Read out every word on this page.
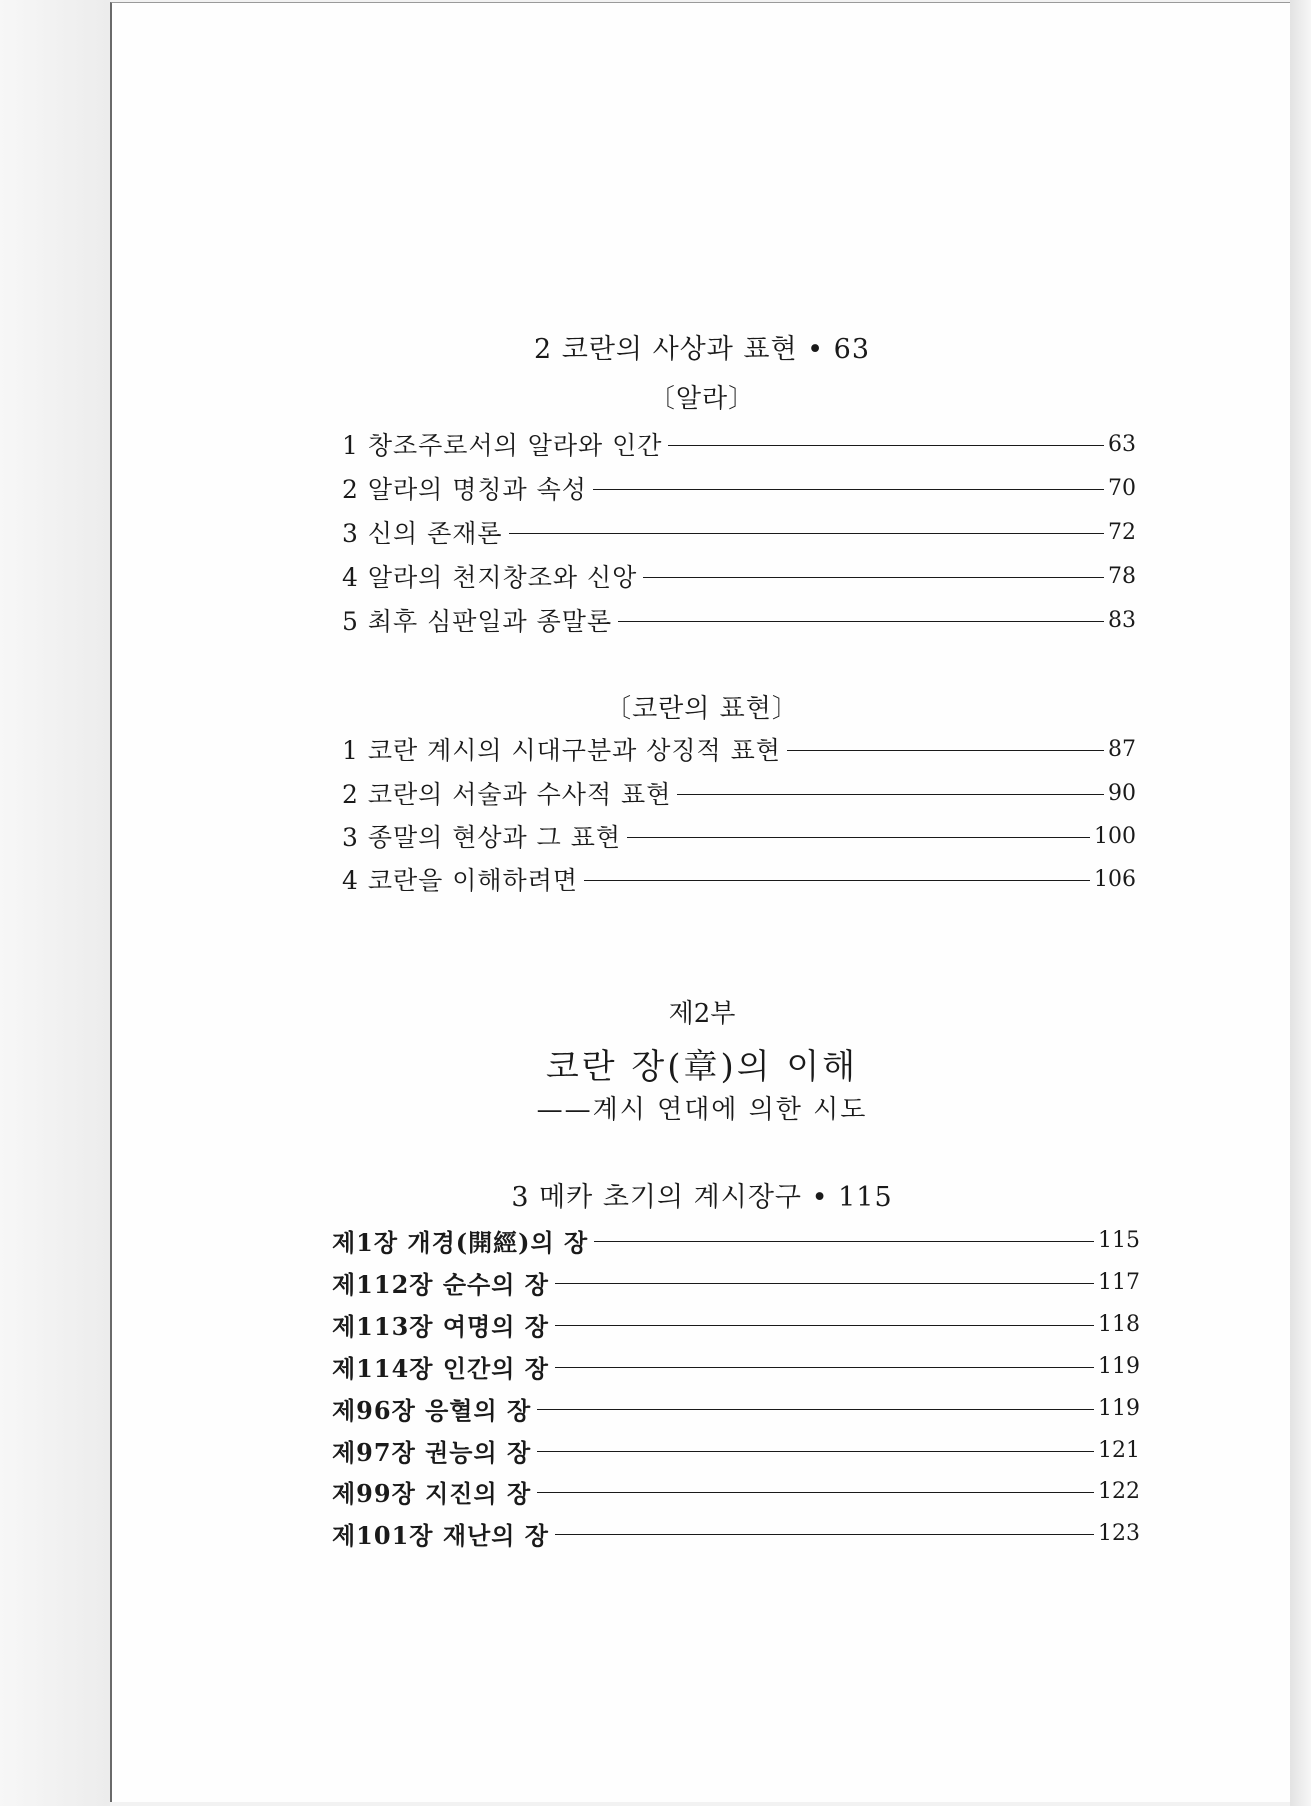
2 코란의 사상과 표현 • 63
〔알라〕
1 창조주로서의 알라와 인간	63
2 알라의 명칭과 속성	70
3 신의 존재론	72
4 알라의 천지창조와 신앙	78
5 최후 심판일과 종말론	83
〔코란의 표현〕
1 코란 계시의 시대구분과 상징적 표현	87
2 코란의 서술과 수사적 표현	90
3 종말의 현상과 그 표현	100
4 코란을 이해하려면	106
제2부
코란 장(章)의 이해
——계시 연대에 의한 시도
3 메카 초기의 계시장구 • 115
제1장 개경(開經)의 장	115
제112장 순수의 장	117
제113장 여명의 장	118
제114장 인간의 장	119
제96장 응혈의 장	119
제97장 권능의 장	121
제99장 지진의 장	122
제101장 재난의 장	123
